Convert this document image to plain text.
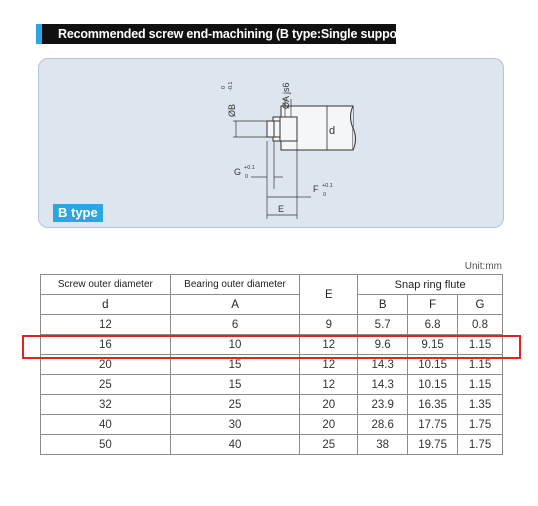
Recommended screw end-machining (B type:Single support)
d
ØB
0 -0.1	ØA js6
G +0.1
0
F +0.1
0
E
B type
Unit:mm
Screw outer diameter	Bearing outer diameter	E	Snap ring flute		
d	A		B	F	G
12	6	9	5.7	6.8	0.8
16	10	12	9.6	9.15	1.15
20	15	12	14.3	10.15	1.15
25	15	12	14.3	10.15	1.15
32	25	20	23.9	16.35	1.35
40	30	20	28.6	17.75	1.75
50	40	25	38	19.75	1.75
